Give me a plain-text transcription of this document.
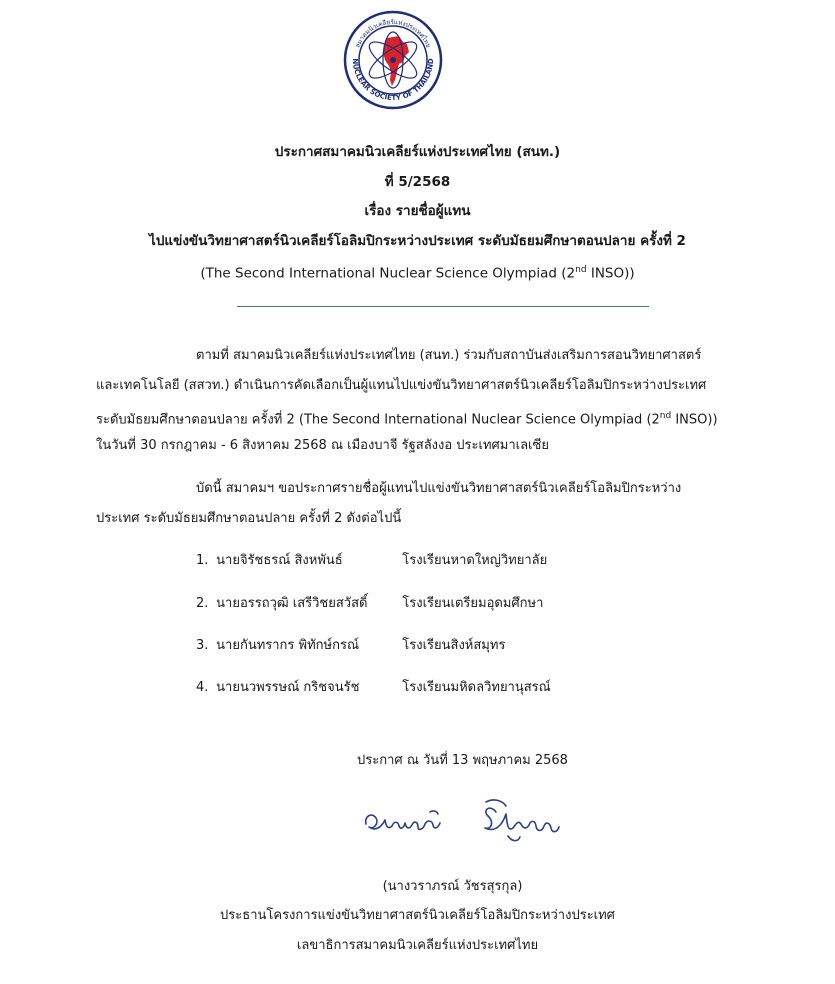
สมาคมนิวเคลียร์แห่งประเทศไทย
NUCLEAR SOCIETY OF THAILAND
ประกาศสมาคมนิวเคลียร์แห่งประเทศไทย (สนท.)
ที่ 5/2568
เรื่อง รายชื่อผู้แทน
ไปแข่งขันวิทยาศาสตร์นิวเคลียร์โอลิมปิกระหว่างประเทศ ระดับมัธยมศึกษาตอนปลาย ครั้งที่ 2
(The Second International Nuclear Science Olympiad (2nd INSO))
ตามที่ สมาคมนิวเคลียร์แห่งประเทศไทย (สนท.) ร่วมกับสถาบันส่งเสริมการสอนวิทยาศาสตร์
และเทคโนโลยี (สสวท.) ดำเนินการคัดเลือกเป็นผู้แทนไปแข่งขันวิทยาศาสตร์นิวเคลียร์โอลิมปิกระหว่างประเทศ
ระดับมัธยมศึกษาตอนปลาย ครั้งที่ 2 (The Second International Nuclear Science Olympiad (2nd INSO))
ในวันที่ 30 กรกฎาคม - 6 สิงหาคม 2568 ณ เมืองบาจี รัฐสลังงอ ประเทศมาเลเซีย
บัดนี้ สมาคมฯ ขอประกาศรายชื่อผู้แทนไปแข่งขันวิทยาศาสตร์นิวเคลียร์โอลิมปิกระหว่าง
ประเทศ ระดับมัธยมศึกษาตอนปลาย ครั้งที่ 2 ดังต่อไปนี้
1. นายจิรัชธรณ์ สิงหพันธ์	โรงเรียนหาดใหญ่วิทยาลัย
2. นายอรรถวุฒิ เสรีวิชยสวัสดิ์	โรงเรียนเตรียมอุดมศึกษา
3. นายกันทรากร พิทักษ์กรณ์	โรงเรียนสิงห์สมุทร
4. นายนวพรรษณ์ กริชจนรัช	โรงเรียนมหิดลวิทยานุสรณ์
ประกาศ ณ วันที่ 13 พฤษภาคม 2568
(นางวราภรณ์ วัชรสุรกุล)
ประธานโครงการแข่งขันวิทยาศาสตร์นิวเคลียร์โอลิมปิกระหว่างประเทศ
เลขาธิการสมาคมนิวเคลียร์แห่งประเทศไทย
